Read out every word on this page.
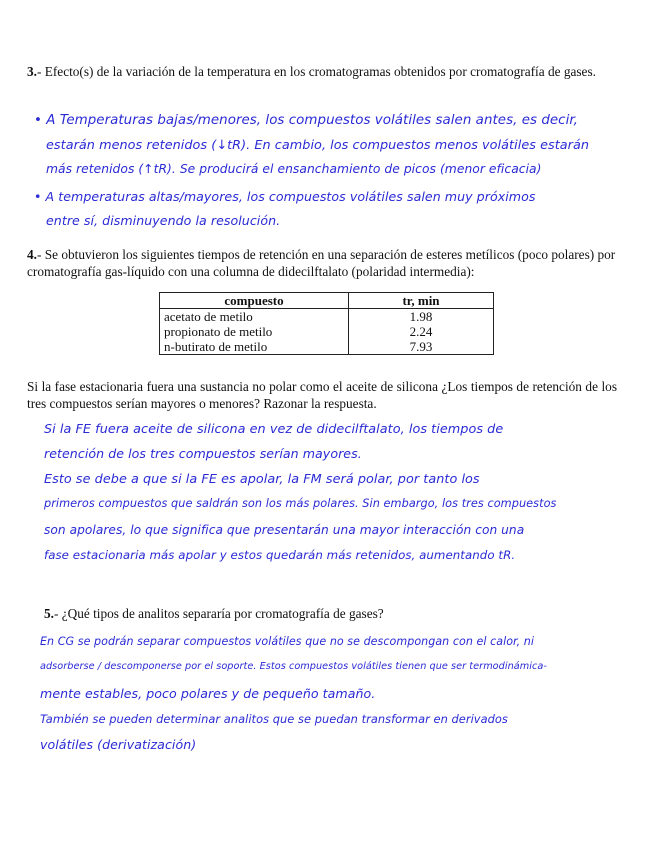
3.- Efecto(s) de la variación de la temperatura en los cromatogramas obtenidos por cromatografía de gases.
• A Temperaturas bajas/menores, los compuestos volátiles salen antes, es decir,
estarán menos retenidos (↓tR). En cambio, los compuestos menos volátiles estarán
más retenidos (↑tR). Se producirá el ensanchamiento de picos (menor eficacia)
• A temperaturas altas/mayores, los compuestos volátiles salen muy próximos
entre sí, disminuyendo la resolución.
4.- Se obtuvieron los siguientes tiempos de retención en una separación de esteres metílicos (poco polares) por cromatografía gas-líquido con una columna de didecilftalato (polaridad intermedia):
compuesto	tr, min
acetato de metilo	1.98
propionato de metilo	2.24
n-butirato de metilo	7.93
Si la fase estacionaria fuera una sustancia no polar como el aceite de silicona ¿Los tiempos de retención de los tres compuestos serían mayores o menores? Razonar la respuesta.
Si la FE fuera aceite de silicona en vez de didecilftalato, los tiempos de
retención de los tres compuestos serían mayores.
Esto se debe a que si la FE es apolar, la FM será polar, por tanto los
primeros compuestos que saldrán son los más polares. Sin embargo, los tres compuestos
son apolares, lo que significa que presentarán una mayor interacción con una
fase estacionaria más apolar y estos quedarán más retenidos, aumentando tR.
5.- ¿Qué tipos de analitos separaría por cromatografía de gases?
En CG se podrán separar compuestos volátiles que no se descompongan con el calor, ni
adsorberse / descomponerse por el soporte. Estos compuestos volátiles tienen que ser termodinámica-
mente estables, poco polares y de pequeño tamaño.
También se pueden determinar analitos que se puedan transformar en derivados
volátiles (derivatización)
